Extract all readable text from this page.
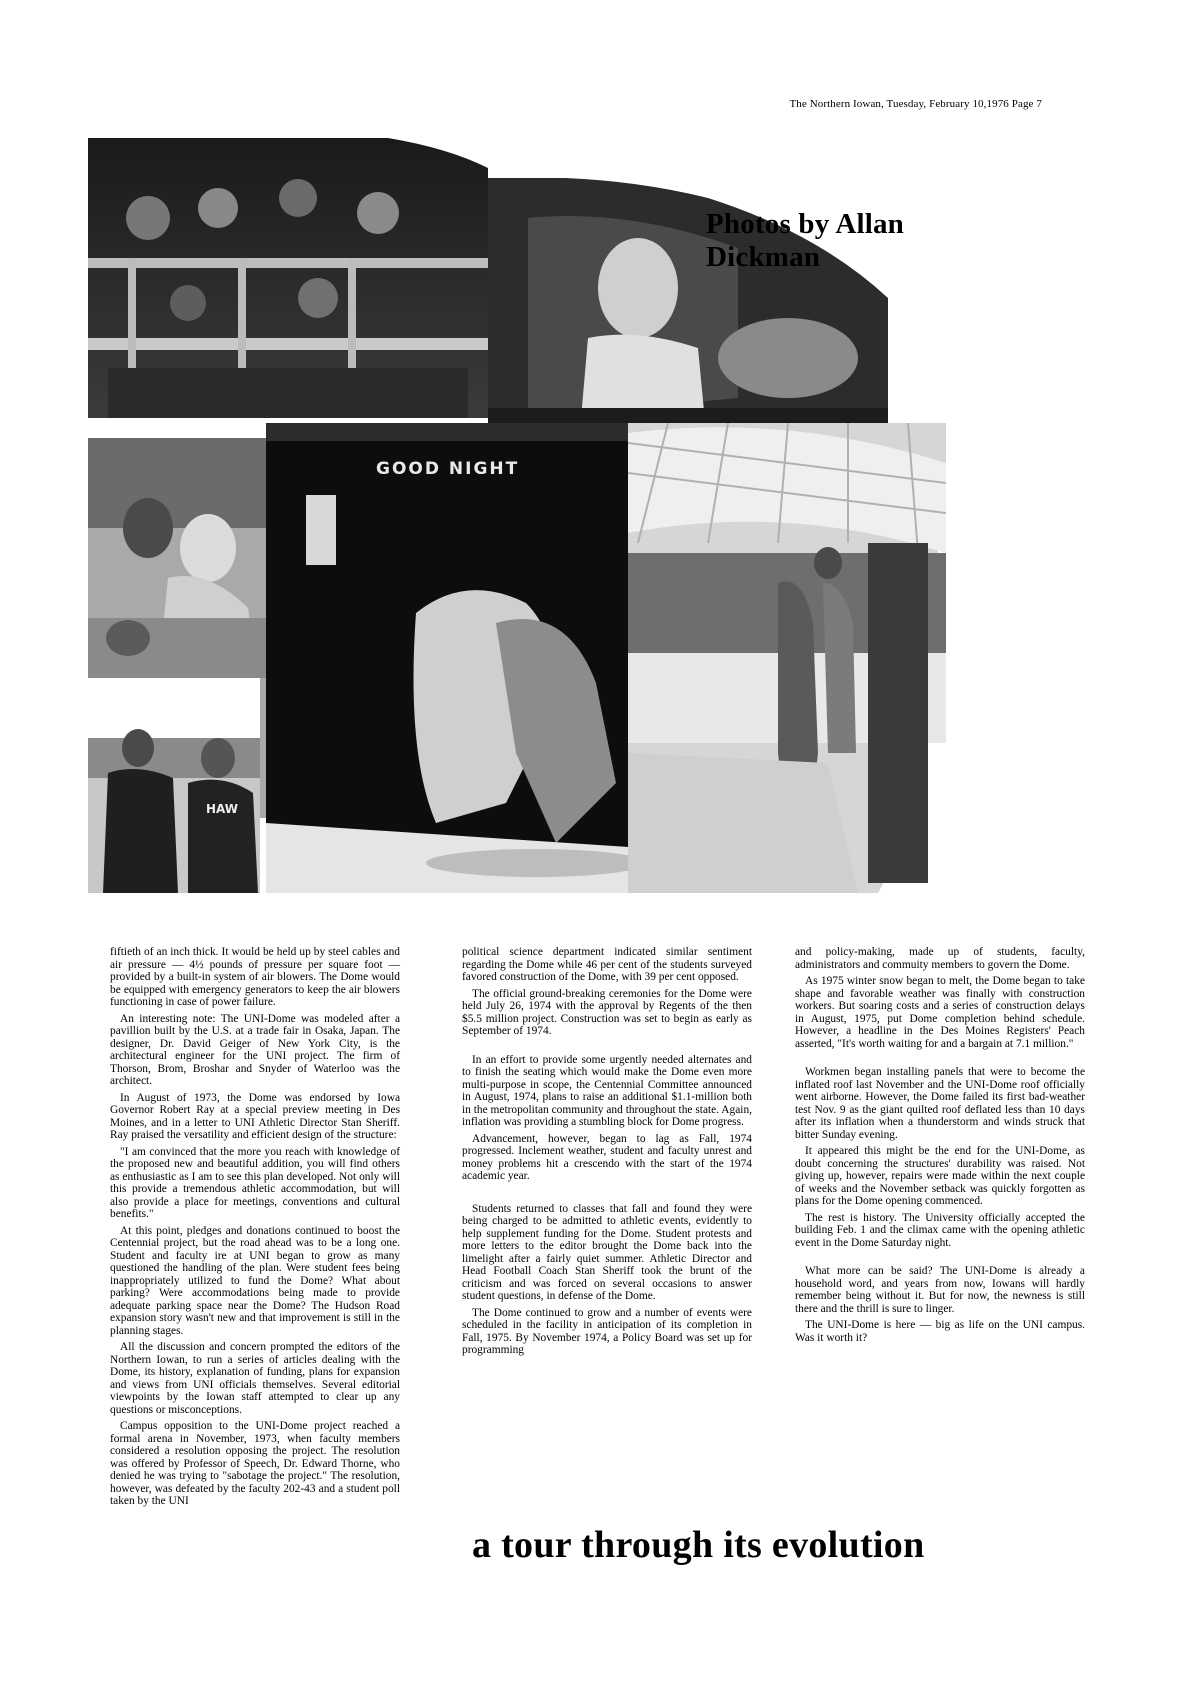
The Northern Iowan, Tuesday, February 10,1976 Page 7
GOOD NIGHT
HAW
Photos by Allan Dickman

fiftieth of an inch thick. It would be held up by steel cables and air pressure — 4½ pounds of pressure per square foot — provided by a built-in system of air blowers. The Dome would be equipped with emergency generators to keep the air blowers functioning in case of power failure.

An interesting note: The UNI-Dome was modeled after a pavillion built by the U.S. at a trade fair in Osaka, Japan. The designer, Dr. David Geiger of New York City, is the architectural engineer for the UNI project. The firm of Thorson, Brom, Broshar and Snyder of Waterloo was the architect.

In August of 1973, the Dome was endorsed by Iowa Governor Robert Ray at a special preview meeting in Des Moines, and in a letter to UNI Athletic Director Stan Sheriff. Ray praised the versatility and efficient design of the structure:

"I am convinced that the more you reach with knowledge of the proposed new and beautiful addition, you will find others as enthusiastic as I am to see this plan developed. Not only will this provide a tremendous athletic accommodation, but will also provide a place for meetings, conventions and cultural benefits."

At this point, pledges and donations continued to boost the Centennial project, but the road ahead was to be a long one. Student and faculty ire at UNI began to grow as many questioned the handling of the plan. Were student fees being inappropriately utilized to fund the Dome? What about parking? Were accommodations being made to provide adequate parking space near the Dome? The Hudson Road expansion story wasn't new and that improvement is still in the planning stages.

All the discussion and concern prompted the editors of the Northern Iowan, to run a series of articles dealing with the Dome, its history, explanation of funding, plans for expansion and views from UNI officials themselves. Several editorial viewpoints by the Iowan staff attempted to clear up any questions or misconceptions.

Campus opposition to the UNI-Dome project reached a formal arena in November, 1973, when faculty members considered a resolution opposing the project. The resolution was offered by Professor of Speech, Dr. Edward Thorne, who denied he was trying to "sabotage the project." The resolution, however, was defeated by the faculty 202-43 and a student poll taken by the UNI

political science department indicated similar sentiment regarding the Dome while 46 per cent of the students surveyed favored construction of the Dome, with 39 per cent opposed.

The official ground-breaking ceremonies for the Dome were held July 26, 1974 with the approval by Regents of the then $5.5 million project. Construction was set to begin as early as September of 1974.

In an effort to provide some urgently needed alternates and to finish the seating which would make the Dome even more multi-purpose in scope, the Centennial Committee announced in August, 1974, plans to raise an additional $1.1-million both in the metropolitan community and throughout the state. Again, inflation was providing a stumbling block for Dome progress.

Advancement, however, began to lag as Fall, 1974 progressed. Inclement weather, student and faculty unrest and money problems hit a crescendo with the start of the 1974 academic year.

Students returned to classes that fall and found they were being charged to be admitted to athletic events, evidently to help supplement funding for the Dome. Student protests and more letters to the editor brought the Dome back into the limelight after a fairly quiet summer. Athletic Director and Head Football Coach Stan Sheriff took the brunt of the criticism and was forced on several occasions to answer student questions, in defense of the Dome.

The Dome continued to grow and a number of events were scheduled in the facility in anticipation of its completion in Fall, 1975. By November 1974, a Policy Board was set up for programming

and policy-making, made up of students, faculty, administrators and commuity members to govern the Dome.

As 1975 winter snow began to melt, the Dome began to take shape and favorable weather was finally with construction workers. But soaring costs and a series of construction delays in August, 1975, put Dome completion behind schedule. However, a headline in the Des Moines Registers' Peach asserted, "It's worth waiting for and a bargain at 7.1 million."

Workmen began installing panels that were to become the inflated roof last November and the UNI-Dome roof officially went airborne. However, the Dome failed its first bad-weather test Nov. 9 as the giant quilted roof deflated less than 10 days after its inflation when a thunderstorm and winds struck that bitter Sunday evening.

It appeared this might be the end for the UNI-Dome, as doubt concerning the structures' durability was raised. Not giving up, however, repairs were made within the next couple of weeks and the November setback was quickly forgotten as plans for the Dome opening commenced.

The rest is history. The University officially accepted the building Feb. 1 and the climax came with the opening athletic event in the Dome Saturday night.

What more can be said? The UNI-Dome is already a household word, and years from now, Iowans will hardly remember being without it. But for now, the newness is still there and the thrill is sure to linger.

The UNI-Dome is here — big as life on the UNI campus. Was it worth it?

a tour through its evolution
